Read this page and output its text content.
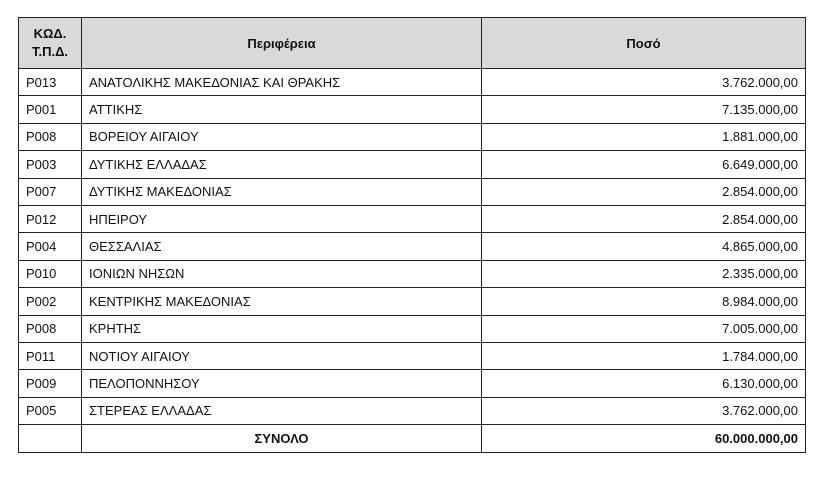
ΚΩΔ.
Τ.Π.Δ.	Περιφέρεια	Ποσό
P013	ΑΝΑΤΟΛΙΚΗΣ ΜΑΚΕΔΟΝΙΑΣ ΚΑΙ ΘΡΑΚΗΣ	3.762.000,00
P001	ΑΤΤΙΚΗΣ	7.135.000,00
P008	ΒΟΡΕΙΟΥ ΑΙΓΑΙΟΥ	1.881.000,00
P003	ΔΥΤΙΚΗΣ ΕΛΛΑΔΑΣ	6.649.000,00
P007	ΔΥΤΙΚΗΣ ΜΑΚΕΔΟΝΙΑΣ	2.854.000,00
P012	ΗΠΕΙΡΟΥ	2.854.000,00
P004	ΘΕΣΣΑΛΙΑΣ	4.865.000,00
P010	ΙΟΝΙΩΝ ΝΗΣΩΝ	2.335.000,00
P002	ΚΕΝΤΡΙΚΗΣ ΜΑΚΕΔΟΝΙΑΣ	8.984.000,00
P008	ΚΡΗΤΗΣ	7.005.000,00
P011	ΝΟΤΙΟΥ ΑΙΓΑΙΟΥ	1.784.000,00
P009	ΠΕΛΟΠΟΝΝΗΣΟΥ	6.130.000,00
P005	ΣΤΕΡΕΑΣ ΕΛΛΑΔΑΣ	3.762.000,00
	ΣΥΝΟΛΟ	60.000.000,00
